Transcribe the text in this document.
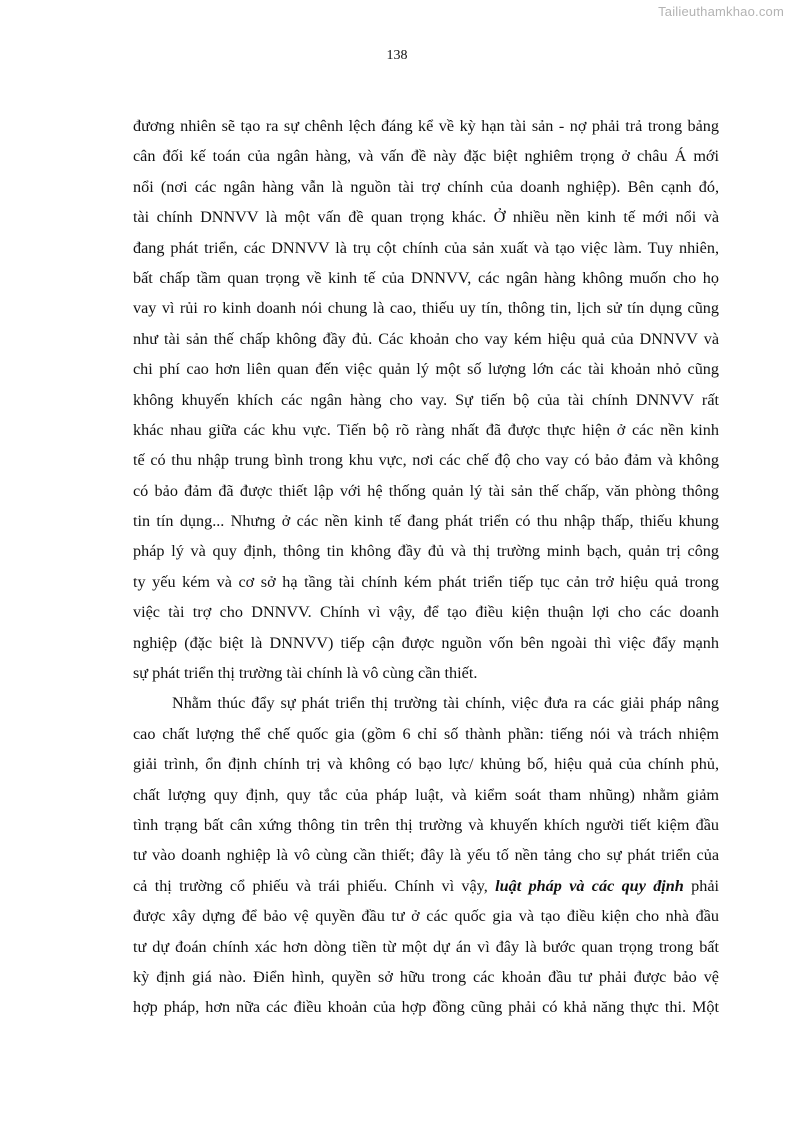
Tailieuthamkhao.com
138
đương nhiên sẽ tạo ra sự chênh lệch đáng kể về kỳ hạn tài sản - nợ phải trả trong bảng
cân đối kế toán của ngân hàng, và vấn đề này đặc biệt nghiêm trọng ở châu Á mới
nổi (nơi các ngân hàng vẫn là nguồn tài trợ chính của doanh nghiệp). Bên cạnh đó,
tài chính DNNVV là một vấn đề quan trọng khác. Ở nhiều nền kinh tế mới nổi và
đang phát triển, các DNNVV là trụ cột chính của sản xuất và tạo việc làm. Tuy nhiên,
bất chấp tầm quan trọng về kinh tế của DNNVV, các ngân hàng không muốn cho họ
vay vì rủi ro kinh doanh nói chung là cao, thiếu uy tín, thông tin, lịch sử tín dụng cũng
như tài sản thế chấp không đầy đủ. Các khoản cho vay kém hiệu quả của DNNVV và
chi phí cao hơn liên quan đến việc quản lý một số lượng lớn các tài khoản nhỏ cũng
không khuyến khích các ngân hàng cho vay. Sự tiến bộ của tài chính DNNVV rất
khác nhau giữa các khu vực. Tiến bộ rõ ràng nhất đã được thực hiện ở các nền kinh
tế có thu nhập trung bình trong khu vực, nơi các chế độ cho vay có bảo đảm và không
có bảo đảm đã được thiết lập với hệ thống quản lý tài sản thế chấp, văn phòng thông
tin tín dụng... Nhưng ở các nền kinh tế đang phát triển có thu nhập thấp, thiếu khung
pháp lý và quy định, thông tin không đầy đủ và thị trường minh bạch, quản trị công
ty yếu kém và cơ sở hạ tầng tài chính kém phát triển tiếp tục cản trở hiệu quả trong
việc tài trợ cho DNNVV. Chính vì vậy, để tạo điều kiện thuận lợi cho các doanh
nghiệp (đặc biệt là DNNVV) tiếp cận được nguồn vốn bên ngoài thì việc đẩy mạnh
sự phát triển thị trường tài chính là vô cùng cần thiết.
Nhằm thúc đẩy sự phát triển thị trường tài chính, việc đưa ra các giải pháp nâng
cao chất lượng thể chế quốc gia (gồm 6 chỉ số thành phần: tiếng nói và trách nhiệm
giải trình, ổn định chính trị và không có bạo lực/ khủng bố, hiệu quả của chính phủ,
chất lượng quy định, quy tắc của pháp luật, và kiểm soát tham nhũng) nhằm giảm
tình trạng bất cân xứng thông tin trên thị trường và khuyến khích người tiết kiệm đầu
tư vào doanh nghiệp là vô cùng cần thiết; đây là yếu tố nền tảng cho sự phát triển của
cả thị trường cổ phiếu và trái phiếu. Chính vì vậy, luật pháp và các quy định phải
được xây dựng để bảo vệ quyền đầu tư ở các quốc gia và tạo điều kiện cho nhà đầu
tư dự đoán chính xác hơn dòng tiền từ một dự án vì đây là bước quan trọng trong bất
kỳ định giá nào. Điển hình, quyền sở hữu trong các khoản đầu tư phải được bảo vệ
hợp pháp, hơn nữa các điều khoản của hợp đồng cũng phải có khả năng thực thi. Một
